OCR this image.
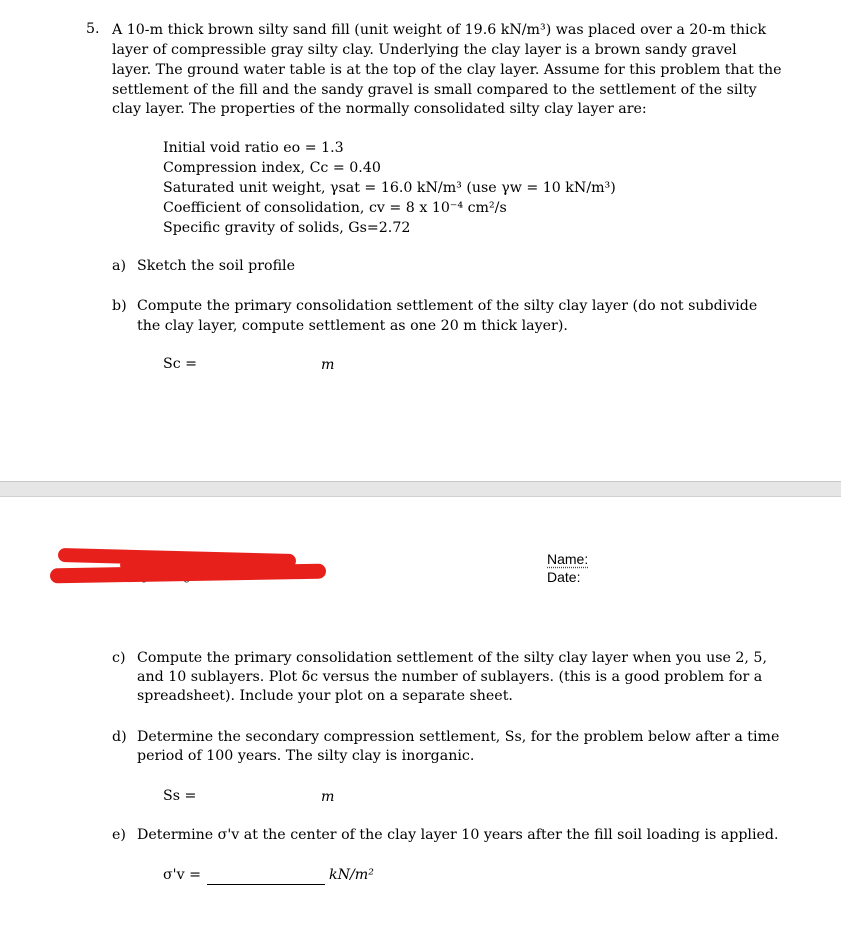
5. A 10-m thick brown silty sand fill (unit weight of 19.6 kN/m³) was placed over a 20-m thick
layer of compressible gray silty clay. Underlying the clay layer is a brown sandy gravel
layer. The ground water table is at the top of the clay layer. Assume for this problem that the
settlement of the fill and the sandy gravel is small compared to the settlement of the silty
clay layer. The properties of the normally consolidated silty clay layer are:
Initial void ratio eo = 1.3
Compression index, Cc = 0.40
Saturated unit weight, γsat = 16.0 kN/m³ (use γw = 10 kN/m³)
Coefficient of consolidation, cv = 8 x 10⁻⁴ cm²/s
Specific gravity of solids, Gs=2.72
a) Sketch the soil profile
b) Compute the primary consolidation settlement of the silty clay layer (do not subdivide
the clay layer, compute settlement as one 20 m thick layer).
Sc =	m
Name:
Date:
c) Compute the primary consolidation settlement of the silty clay layer when you use 2, 5,
and 10 sublayers. Plot δc versus the number of sublayers. (this is a good problem for a
spreadsheet). Include your plot on a separate sheet.
d) Determine the secondary compression settlement, Ss, for the problem below after a time
period of 100 years. The silty clay is inorganic.
Ss =	m
e) Determine σ'v at the center of the clay layer 10 years after the fill soil loading is applied.
σ'v =	kN/m²
